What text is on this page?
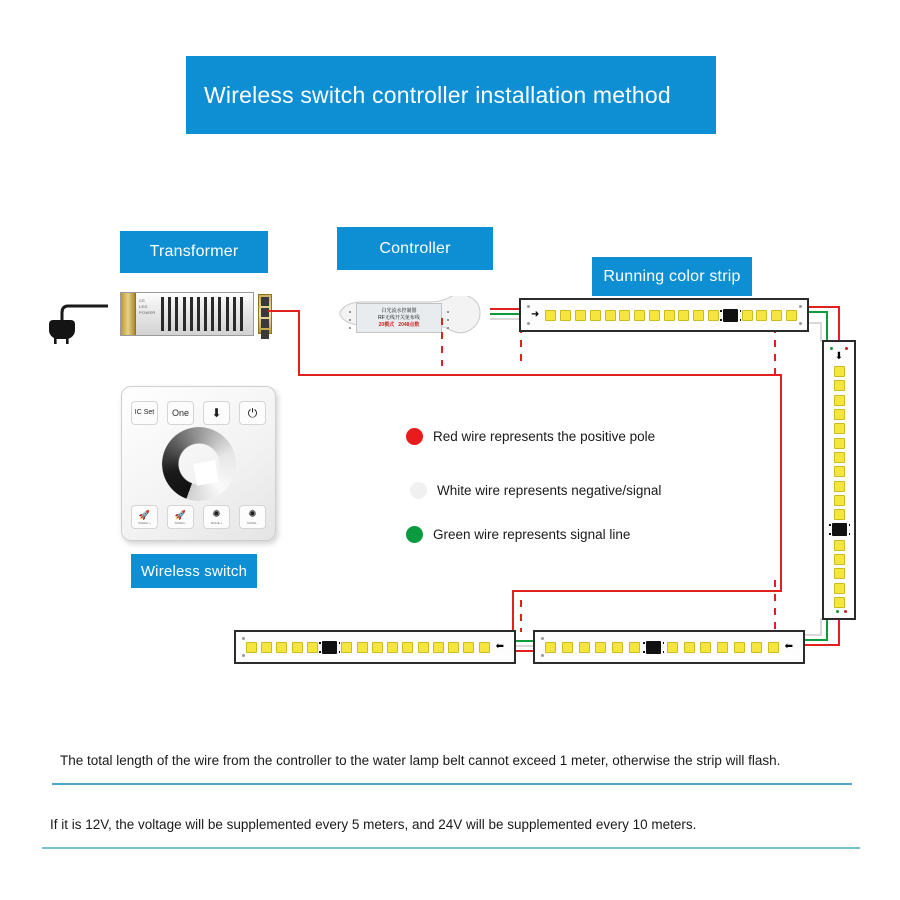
Wireless switch controller installation method
Transformer	Controller
Running color strip
Wireless switch
CE
LED
POWER	白光流水控制器
RF无线开关免布线
20模式 2048点数
➜
⬇
⬅	⬅
IC Set One ⬇ ⏻
🚀
SPEED +
🚀
SPEED -
✺
MODE +
✺
MODE -
Red wire represents the positive pole
White wire represents negative/signal
Green wire represents signal line
The total length of the wire from the controller to the water lamp belt cannot exceed 1 meter, otherwise the strip will flash.
If it is 12V, the voltage will be supplemented every 5 meters, and 24V will be supplemented every 10 meters.
